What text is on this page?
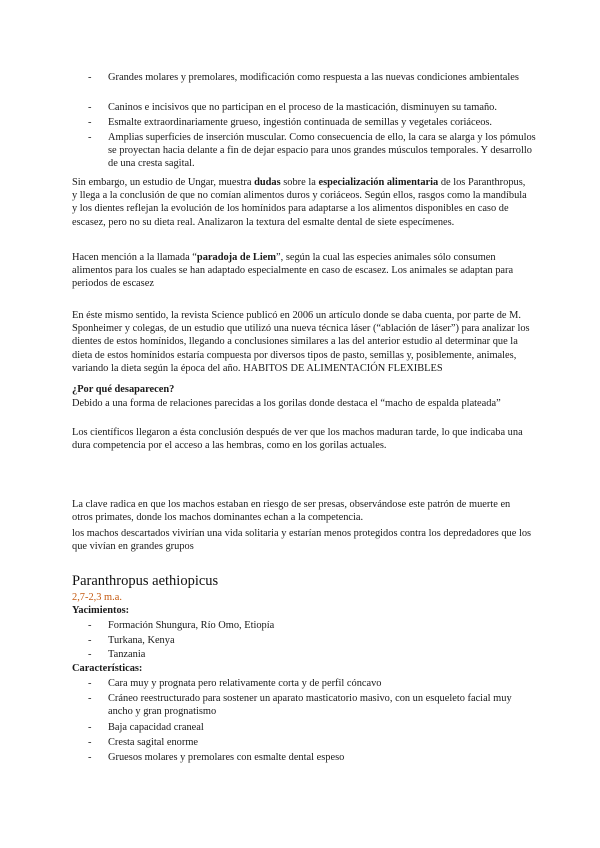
- Grandes molares y premolares, modificación como respuesta a las nuevas condiciones ambientales
- Caninos e incisivos que no participan en el proceso de la masticación, disminuyen su tamaño.
- Esmalte extraordinariamente grueso, ingestión continuada de semillas y vegetales coriáceos.
- Amplias superficies de inserción muscular. Como consecuencia de ello, la cara se alarga y los pómulos se proyectan hacia delante a fin de dejar espacio para unos grandes músculos temporales. Y desarrollo de una cresta sagital.

Sin embargo, un estudio de Ungar, muestra dudas sobre la especialización alimentaria de los Paranthropus, y llega a la conclusión de que no comían alimentos duros y coriáceos. Según ellos, rasgos como la mandíbula y los dientes reflejan la evolución de los homínidos para adaptarse a los alimentos disponibles en caso de escasez, pero no su dieta real. Analizaron la textura del esmalte dental de siete especímenes.

Hacen mención a la llamada “paradoja de Liem”, según la cual las especies animales sólo consumen alimentos para los cuales se han adaptado especialmente en caso de escasez. Los animales se adaptan para periodos de escasez

En éste mismo sentido, la revista Science publicó en 2006 un artículo donde se daba cuenta, por parte de M. Sponheimer y colegas, de un estudio que utilizó una nueva técnica láser (“ablación de láser”) para analizar los dientes de estos homínidos, llegando a conclusiones similares a las del anterior estudio al determinar que la dieta de estos homínidos estaría compuesta por diversos tipos de pasto, semillas y, posiblemente, animales, variando la dieta según la época del año. HABITOS DE ALIMENTACIÓN FLEXIBLES

¿Por qué desaparecen?

Debido a una forma de relaciones parecidas a los gorilas donde destaca el “macho de espalda plateada”

Los científicos llegaron a ésta conclusión después de ver que los machos maduran tarde, lo que indicaba una dura competencia por el acceso a las hembras, como en los gorilas actuales.

La clave radica en que los machos estaban en riesgo de ser presas, observándose este patrón de muerte en otros primates, donde los machos dominantes echan a la competencia.

los machos descartados vivirían una vida solitaria y estarían menos protegidos contra los depredadores que los que vivían en grandes grupos

Paranthropus aethiopicus
2,7-2,3 m.a.
Yacimientos:
- Formación Shungura, Río Omo, Etiopía
- Turkana, Kenya
- Tanzania
Características:
- Cara muy y prognata pero relativamente corta y de perfil cóncavo
- Cráneo reestructurado para sostener un aparato masticatorio masivo, con un esqueleto facial muy ancho y gran prognatismo
- Baja capacidad craneal
- Cresta sagital enorme
- Gruesos molares y premolares con esmalte dental espeso
